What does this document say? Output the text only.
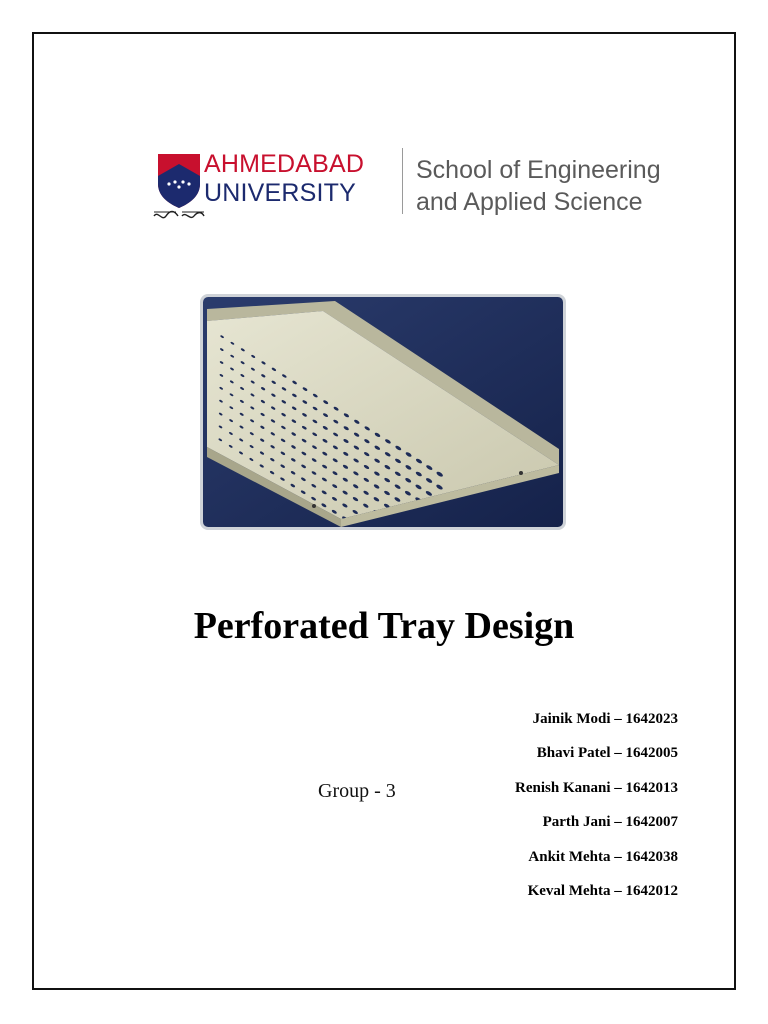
AHMEDABAD
UNIVERSITY
School of Engineering
and Applied Science
Perforated Tray Design
Group - 3
Jainik Modi – 1642023
Bhavi Patel – 1642005
Renish Kanani – 1642013
Parth Jani – 1642007
Ankit Mehta – 1642038
Keval Mehta – 1642012
